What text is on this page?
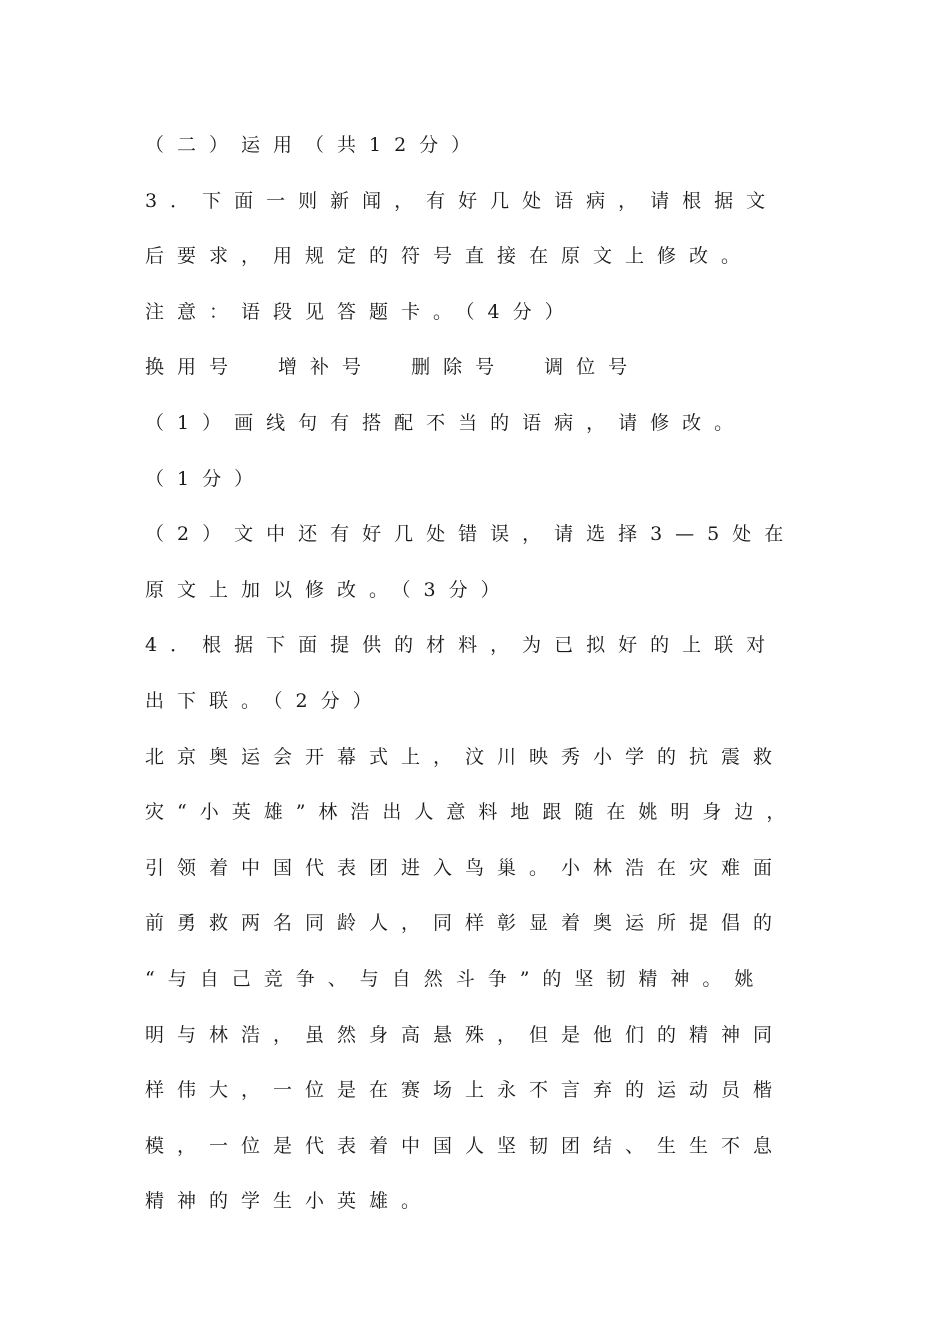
（二）运用（共12分）
3．下面一则新闻，有好几处语病，请根据文
后要求，用规定的符号直接在原文上修改。
注意：语段见答题卡。（4分）
换用号 增补号 删除号 调位号
（1）画线句有搭配不当的语病，请修改。
（1分）
（2）文中还有好几处错误，请选择3—5处在
原文上加以修改。（3分）
4．根据下面提供的材料，为已拟好的上联对
出下联。（2分）
北京奥运会开幕式上，汶川映秀小学的抗震救
灾“小英雄”林浩出人意料地跟随在姚明身边，
引领着中国代表团进入鸟巢。小林浩在灾难面
前勇救两名同龄人，同样彰显着奥运所提倡的
“与自己竞争、与自然斗争”的坚韧精神。姚
明与林浩，虽然身高悬殊，但是他们的精神同
样伟大，一位是在赛场上永不言弃的运动员楷
模，一位是代表着中国人坚韧团结、生生不息
精神的学生小英雄。
